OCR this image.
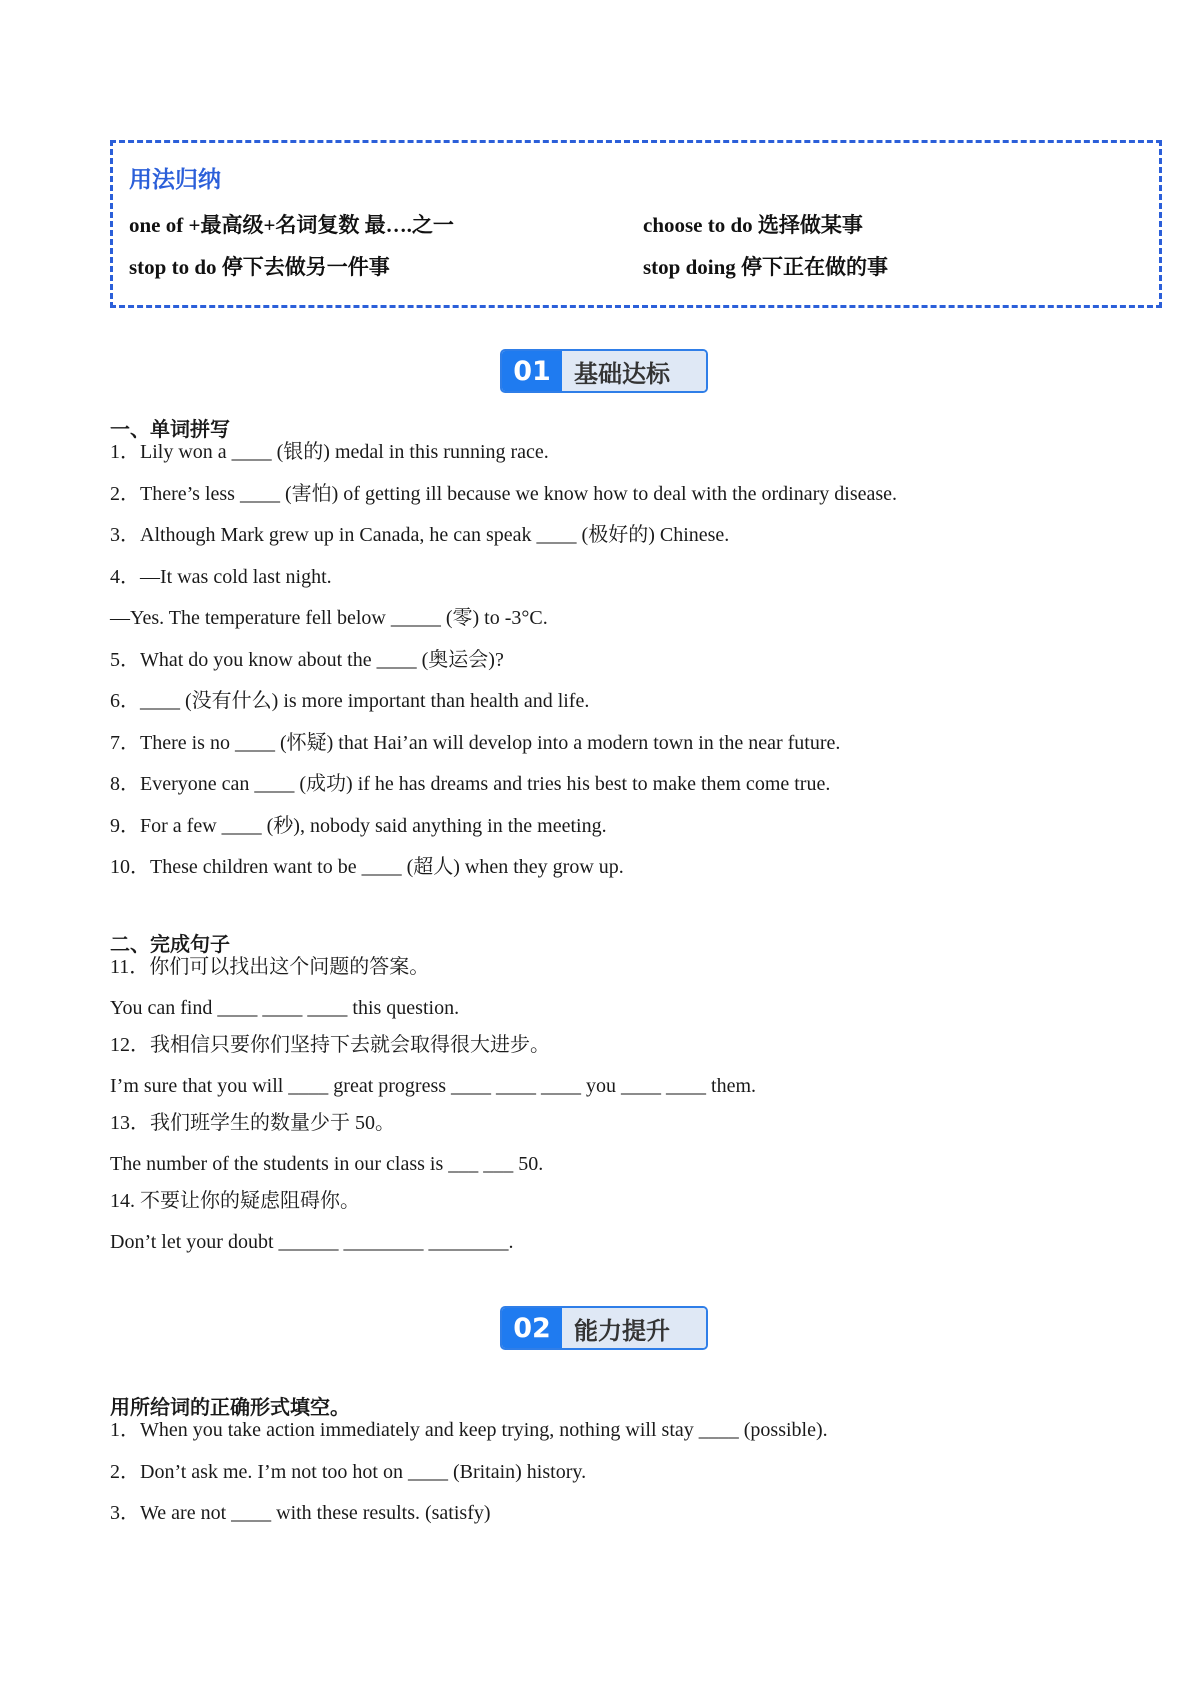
用法归纳
one of +最高级+名词复数 最….之一	choose to do 选择做某事
stop to do 停下去做另一件事	stop doing 停下正在做的事
01 基础达标
一、单词拼写
1．Lily won a ____ (银的) medal in this running race.
2．There’s less ____ (害怕) of getting ill because we know how to deal with the ordinary disease.
3．Although Mark grew up in Canada, he can speak ____ (极好的) Chinese.
4．—It was cold last night.
—Yes. The temperature fell below _____ (零) to -3°C.
5．What do you know about the ____ (奥运会)?
6．____ (没有什么) is more important than health and life.
7．There is no ____ (怀疑) that Hai’an will develop into a modern town in the near future.
8．Everyone can ____ (成功) if he has dreams and tries his best to make them come true.
9．For a few ____ (秒), nobody said anything in the meeting.
10．These children want to be ____ (超人) when they grow up.
二、完成句子
11．你们可以找出这个问题的答案。
You can find ____ ____ ____ this question.
12．我相信只要你们坚持下去就会取得很大进步。
I’m sure that you will ____ great progress ____ ____ ____ you ____ ____ them.
13．我们班学生的数量少于 50。
The number of the students in our class is ___ ___ 50.
14. 不要让你的疑虑阻碍你。
Don’t let your doubt ______ ________ ________.
02 能力提升
用所给词的正确形式填空。
1．When you take action immediately and keep trying, nothing will stay ____ (possible).
2．Don’t ask me. I’m not too hot on ____ (Britain) history.
3．We are not ____ with these results. (satisfy)
